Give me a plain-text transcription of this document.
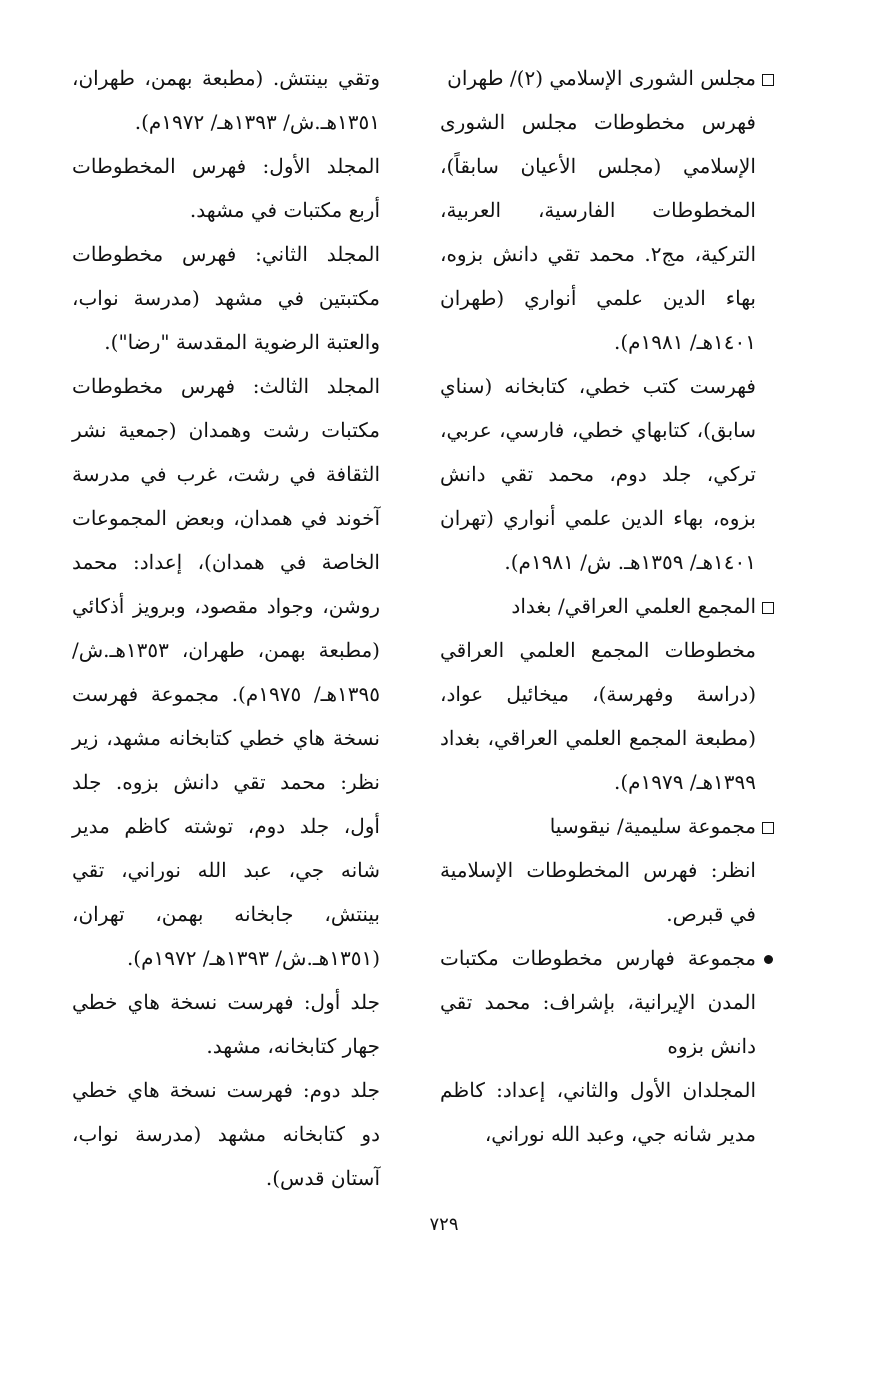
مجلس الشورى الإسلامي (٢)/ طهران
فهرس مخطوطات مجلس الشورى الإسلامي (مجلس الأعيان سابقاً)، المخطوطات الفارسية، العربية، التركية، مج٢. محمد تقي دانش بزوه، بهاء الدين علمي أنواري (طهران ١٤٠١هـ/ ١٩٨١م).
فهرست كتب خطي، كتابخانه (سناي سابق)، كتابهاي خطي، فارسي، عربي، تركي، جلد دوم، محمد تقي دانش بزوه، بهاء الدين علمي أنواري (تهران ١٤٠١هـ/ ١٣٥٩هـ. ش/ ١٩٨١م).
المجمع العلمي العراقي/ بغداد
مخطوطات المجمع العلمي العراقي (دراسة وفهرسة)، ميخائيل عواد، (مطبعة المجمع العلمي العراقي، بغداد ١٣٩٩هـ/ ١٩٧٩م).
مجموعة سليمية/ نيقوسيا
انظر: فهرس المخطوطات الإسلامية في قبرص.
مجموعة فهارس مخطوطات مكتبات المدن الإيرانية، بإشراف: محمد تقي دانش بزوه
المجلدان الأول والثاني، إعداد: كاظم مدير شانه جي، وعبد الله نوراني،
وتقي بينتش. (مطبعة بهمن، طهران، ١٣٥١هـ.ش/ ١٣٩٣هـ/ ١٩٧٢م).
المجلد الأول: فهرس المخطوطات أربع مكتبات في مشهد.
المجلد الثاني: فهرس مخطوطات مكتبتين في مشهد (مدرسة نواب، والعتبة الرضوية المقدسة "رضا").
المجلد الثالث: فهرس مخطوطات مكتبات رشت وهمدان (جمعية نشر الثقافة في رشت، غرب في مدرسة آخوند في همدان، وبعض المجموعات الخاصة في همدان)، إعداد: محمد روشن، وجواد مقصود، وبرويز أذكائي (مطبعة بهمن، طهران، ١٣٥٣هـ.ش/ ١٣٩٥هـ/ ١٩٧٥م). مجموعة فهرست نسخة هاي خطي كتابخانه مشهد، زير نظر: محمد تقي دانش بزوه. جلد أول، جلد دوم، توشته كاظم مدير شانه جي، عبد الله نوراني، تقي بينتش، جابخانه بهمن، تهران، (١٣٥١هـ.ش/ ١٣٩٣هـ/ ١٩٧٢م).
جلد أول: فهرست نسخة هاي خطي جهار كتابخانه، مشهد.
جلد دوم: فهرست نسخة هاي خطي دو كتابخانه مشهد (مدرسة نواب، آستان قدس).
٧٢٩
